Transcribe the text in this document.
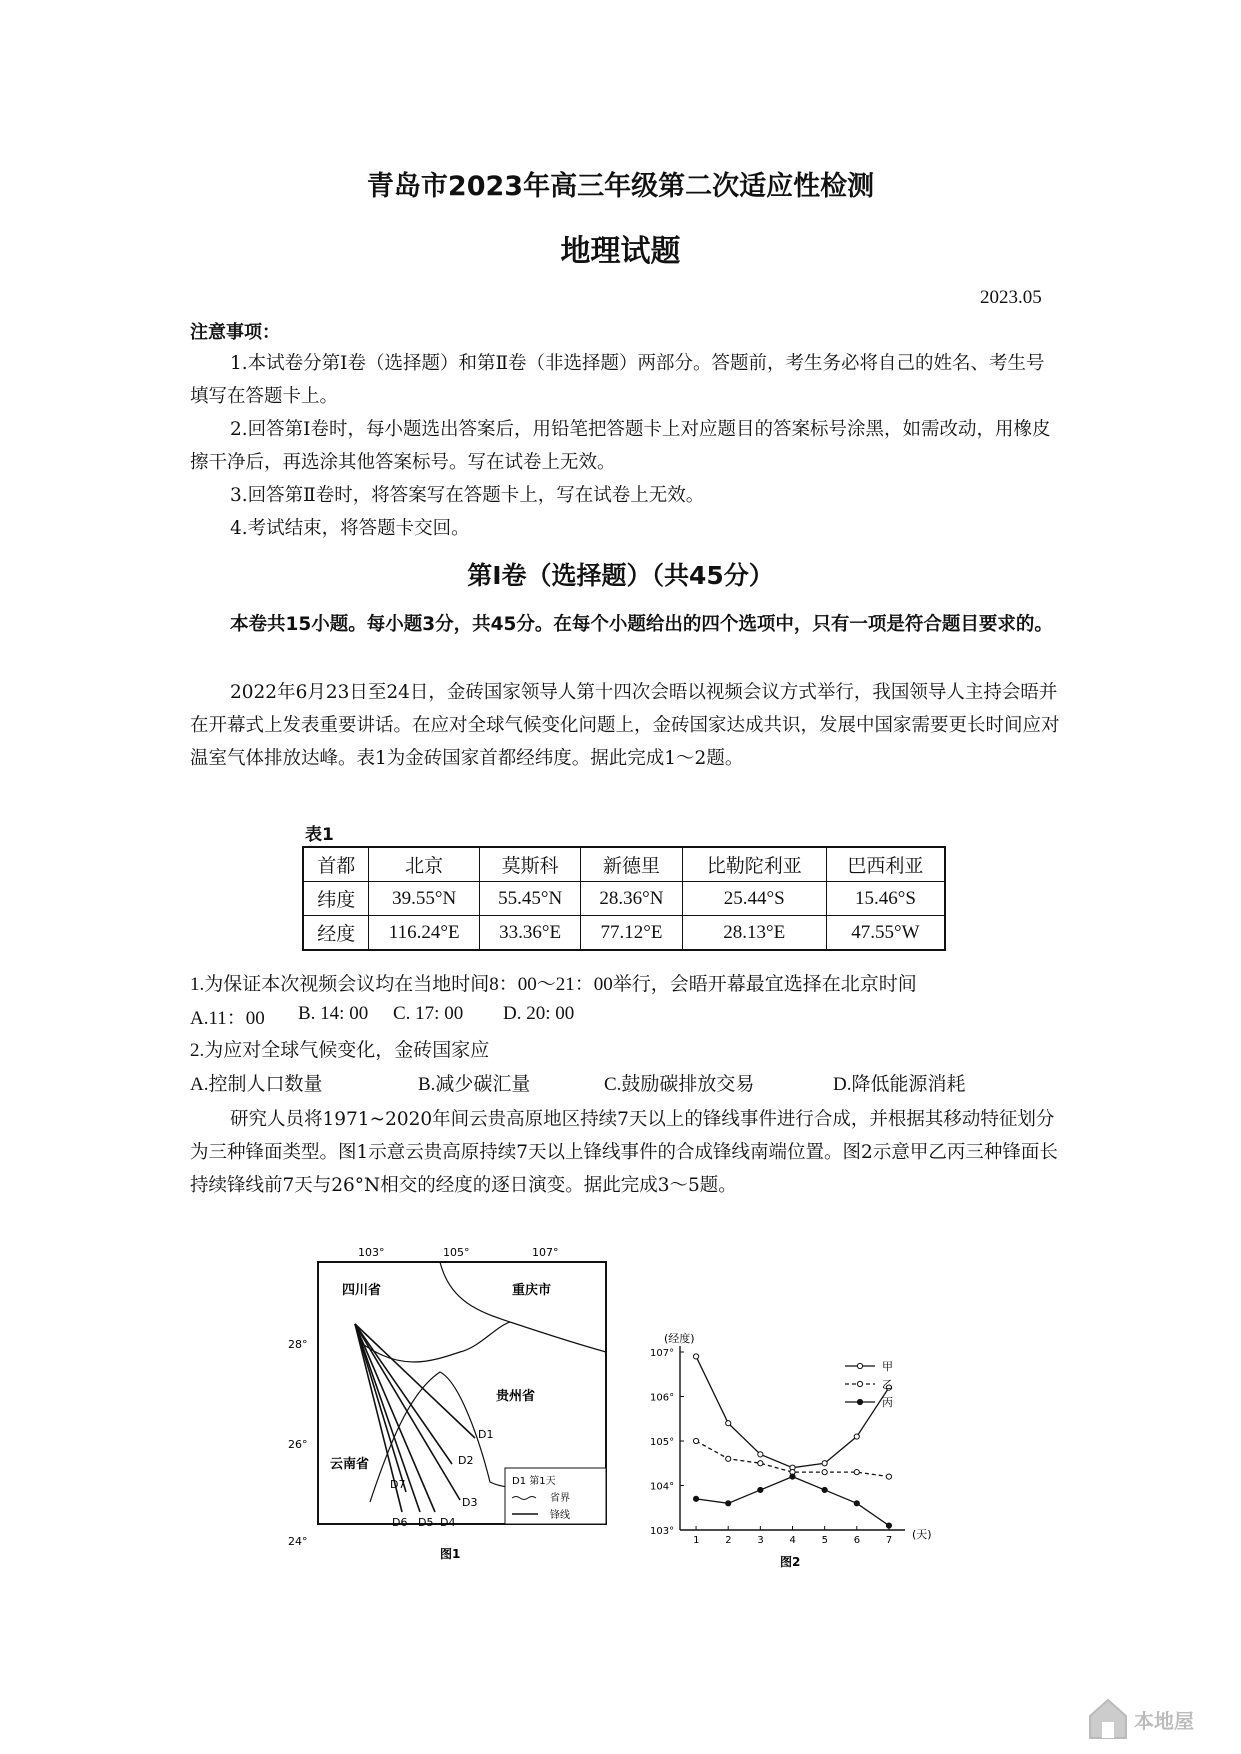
青岛市2023年高三年级第二次适应性检测
地理试题
2023.05
注意事项：
1.本试卷分第Ⅰ卷（选择题）和第Ⅱ卷（非选择题）两部分。答题前，考生务必将自己的姓名、考生号填写在答题卡上。
2.回答第Ⅰ卷时，每小题选出答案后，用铅笔把答题卡上对应题目的答案标号涂黑，如需改动，用橡皮擦干净后，再选涂其他答案标号。写在试卷上无效。
3.回答第Ⅱ卷时，将答案写在答题卡上，写在试卷上无效。
4.考试结束，将答题卡交回。
第Ⅰ卷（选择题）（共45分）
本卷共15小题。每小题3分，共45分。在每个小题给出的四个选项中，只有一项是符合题目要求的。
2022年6月23日至24日，金砖国家领导人第十四次会晤以视频会议方式举行，我国领导人主持会晤并在开幕式上发表重要讲话。在应对全球气候变化问题上，金砖国家达成共识，发展中国家需要更长时间应对温室气体排放达峰。表1为金砖国家首都经纬度。据此完成1～2题。
表1
首都	北京	莫斯科	新德里	比勒陀利亚	巴西利亚
纬度	39.55°N	55.45°N	28.36°N	25.44°S	15.46°S
经度	116.24°E	33.36°E	77.12°E	28.13°E	47.55°W
1.为保证本次视频会议均在当地时间8：00～21：00举行，会晤开幕最宜选择在北京时间
A.11：00 B. 14: 00 C. 17: 00 D. 20: 00
2.为应对全球气候变化，金砖国家应
A.控制人口数量	B.减少碳汇量	C.鼓励碳排放交易	D.降低能源消耗
研究人员将1971~2020年间云贵高原地区持续7天以上的锋线事件进行合成，并根据其移动特征划分为三种锋面类型。图1示意云贵高原持续7天以上锋线事件的合成锋线南端位置。图2示意甲乙丙三种锋面长持续锋线前7天与26°N相交的经度的逐日演变。据此完成3～5题。
103°	105°	107°
28°
26°
24°
四川省	重庆市
贵州省
云南省
D1
D2
D3
D4
D5
D6
D7	D1 第1天
省界
锋线
图1
(经度)
(天)
图2
103°
104°
105°
106°
107°
1	2	3	4	5	6	7
甲
乙
丙
本地屋
